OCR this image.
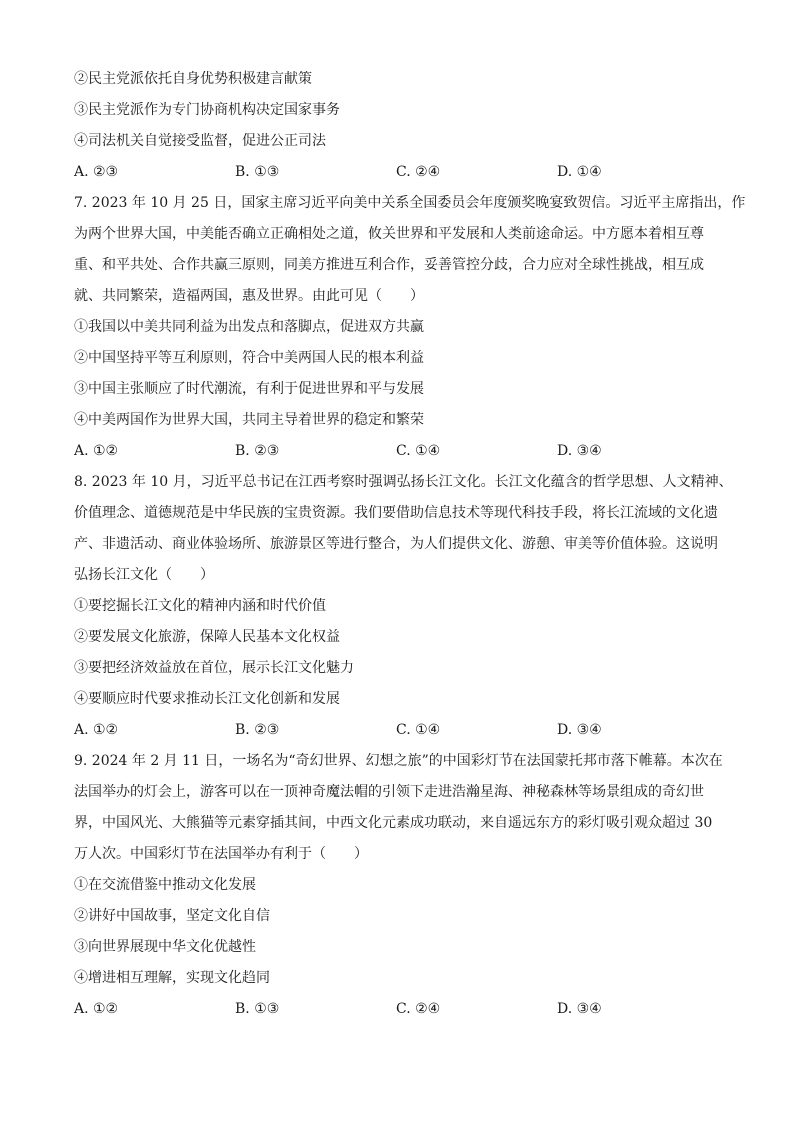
②民主党派依托自身优势积极建言献策

③民主党派作为专门协商机构决定国家事务

④司法机关自觉接受监督，促进公正司法

A. ②③	B. ①③	C. ②④	D. ①④

7. 2023 年 10 月 25 日，国家主席习近平向美中关系全国委员会年度颁奖晚宴致贺信。习近平主席指出，作

为两个世界大国，中美能否确立正确相处之道，攸关世界和平发展和人类前途命运。中方愿本着相互尊

重、和平共处、合作共赢三原则，同美方推进互利合作，妥善管控分歧，合力应对全球性挑战，相互成

就、共同繁荣，造福两国，惠及世界。由此可见（　　）

①我国以中美共同利益为出发点和落脚点，促进双方共赢

②中国坚持平等互利原则，符合中美两国人民的根本利益

③中国主张顺应了时代潮流，有利于促进世界和平与发展

④中美两国作为世界大国，共同主导着世界的稳定和繁荣

A. ①②	B. ②③	C. ①④	D. ③④

8. 2023 年 10 月，习近平总书记在江西考察时强调弘扬长江文化。长江文化蕴含的哲学思想、人文精神、

价值理念、道德规范是中华民族的宝贵资源。我们要借助信息技术等现代科技手段，将长江流域的文化遗

产、非遗活动、商业体验场所、旅游景区等进行整合，为人们提供文化、游憩、审美等价值体验。这说明

弘扬长江文化（　　）

①要挖掘长江文化的精神内涵和时代价值

②要发展文化旅游，保障人民基本文化权益

③要把经济效益放在首位，展示长江文化魅力

④要顺应时代要求推动长江文化创新和发展

A. ①②	B. ②③	C. ①④	D. ③④

9. 2024 年 2 月 11 日，一场名为“奇幻世界、幻想之旅”的中国彩灯节在法国蒙托邦市落下帷幕。本次在

法国举办的灯会上，游客可以在一顶神奇魔法帽的引领下走进浩瀚星海、神秘森林等场景组成的奇幻世

界，中国风光、大熊猫等元素穿插其间，中西文化元素成功联动，来自遥远东方的彩灯吸引观众超过 30

万人次。中国彩灯节在法国举办有利于（　　）

①在交流借鉴中推动文化发展

②讲好中国故事，坚定文化自信

③向世界展现中华文化优越性

④增进相互理解，实现文化趋同

A. ①②	B. ①③	C. ②④	D. ③④
